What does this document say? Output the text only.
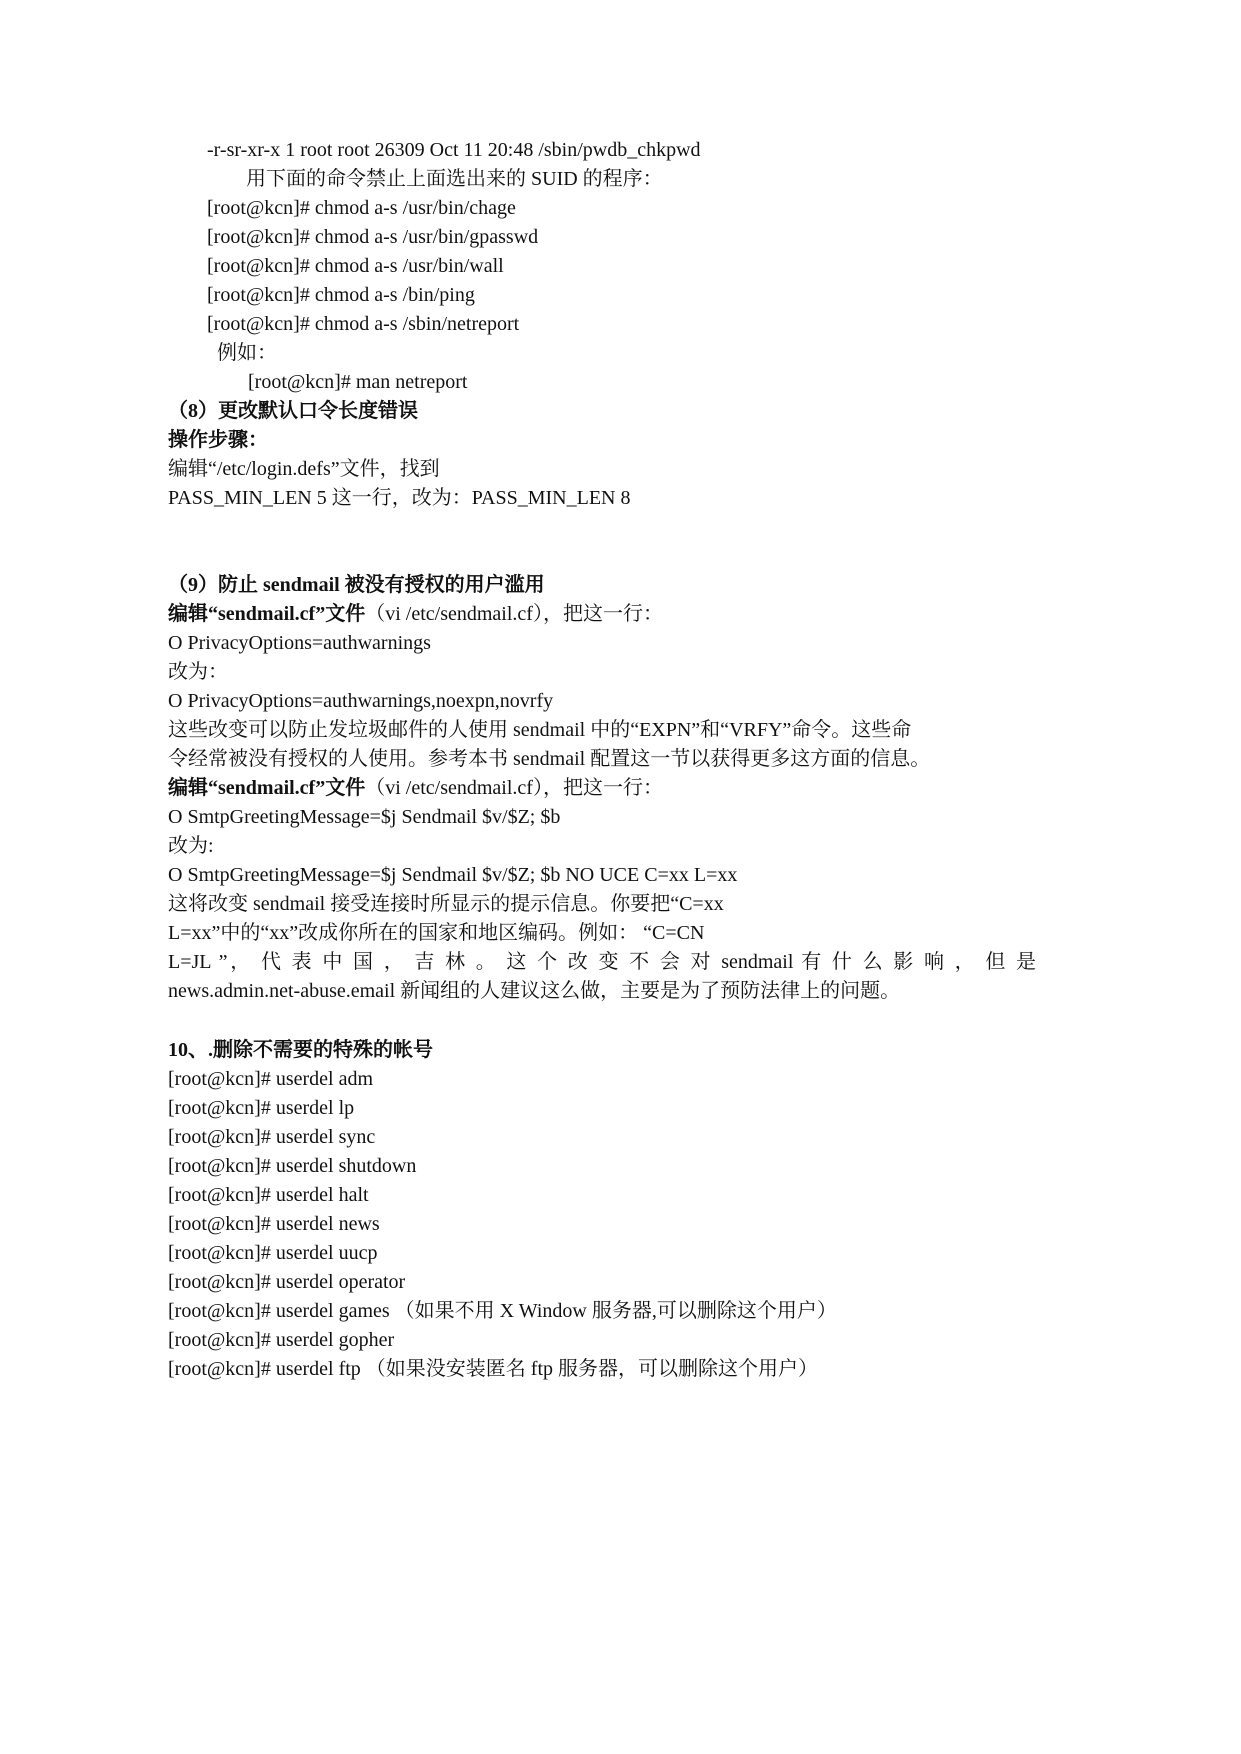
-r-sr-xr-x 1 root root 26309 Oct 11 20:48 /sbin/pwdb_chkpwd
用下面的命令禁止上面选出来的 SUID 的程序：
[root@kcn]# chmod a-s /usr/bin/chage
[root@kcn]# chmod a-s /usr/bin/gpasswd
[root@kcn]# chmod a-s /usr/bin/wall
[root@kcn]# chmod a-s /bin/ping
[root@kcn]# chmod a-s /sbin/netreport
例如：
[root@kcn]# man netreport
（8）更改默认口令长度错误
操作步骤：
编辑“/etc/login.defs”文件，找到
PASS_MIN_LEN 5 这一行，改为：PASS_MIN_LEN 8
（9）防止 sendmail 被没有授权的用户滥用
编辑“sendmail.cf”文件（vi /etc/sendmail.cf），把这一行：
O PrivacyOptions=authwarnings
改为：
O PrivacyOptions=authwarnings,noexpn,novrfy
这些改变可以防止发垃圾邮件的人使用 sendmail 中的“EXPN”和“VRFY”命令。这些命
令经常被没有授权的人使用。参考本书 sendmail 配置这一节以获得更多这方面的信息。
编辑“sendmail.cf”文件（vi /etc/sendmail.cf），把这一行：
O SmtpGreetingMessage=$j Sendmail $v/$Z; $b
改为:
O SmtpGreetingMessage=$j Sendmail $v/$Z; $b NO UCE C=xx L=xx
这将改变 sendmail 接受连接时所显示的提示信息。你要把“C=xx
L=xx”中的“xx”改成你所在的国家和地区编码。例如： “C=CN
L=JL ”， 代 表 中 国 ， 吉 林 。 这 个 改 变 不 会 对 sendmail 有 什 么 影 响 ， 但 是
news.admin.net-abuse.email 新闻组的人建议这么做，主要是为了预防法律上的问题。
10、.删除不需要的特殊的帐号
[root@kcn]# userdel adm
[root@kcn]# userdel lp
[root@kcn]# userdel sync
[root@kcn]# userdel shutdown
[root@kcn]# userdel halt
[root@kcn]# userdel news
[root@kcn]# userdel uucp
[root@kcn]# userdel operator
[root@kcn]# userdel games （如果不用 X Window 服务器,可以删除这个用户）
[root@kcn]# userdel gopher
[root@kcn]# userdel ftp （如果没安装匿名 ftp 服务器，可以删除这个用户）
